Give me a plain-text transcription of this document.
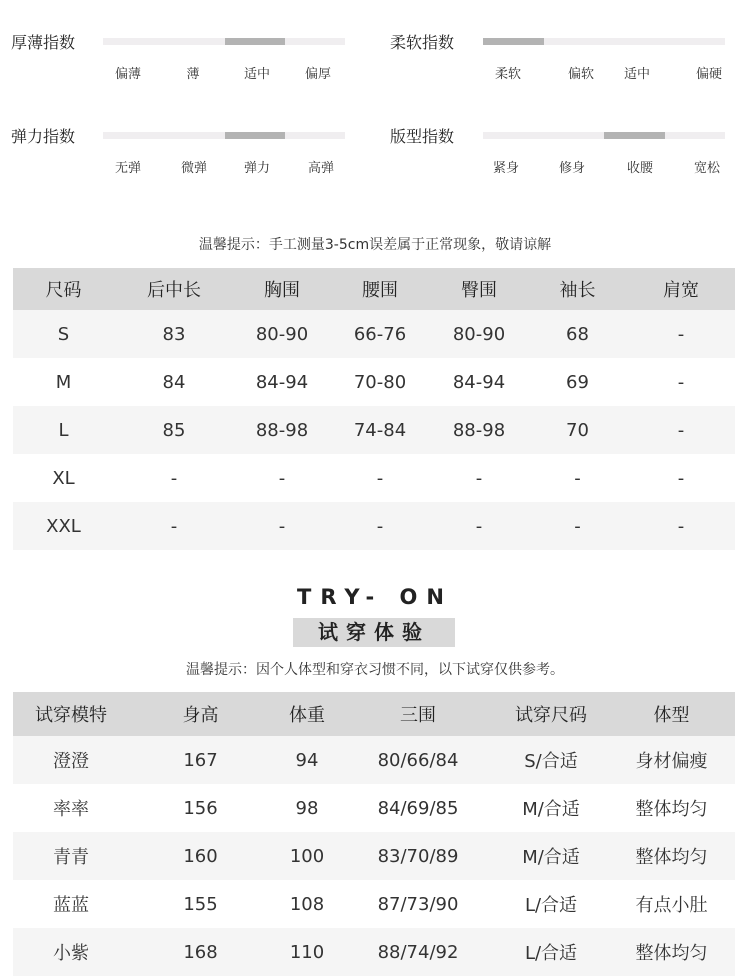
厚薄指数
偏薄	薄	适中	偏厚
柔软指数
柔软	偏软 适中	偏硬
弹力指数
无弹	微弹	弹力	高弹
版型指数
紧身	修身	收腰	宽松
温馨提示：手工测量3-5cm误差属于正常现象，敬请谅解
尺码	后中长	胸围	腰围	臀围	袖长	肩宽
S	83	80-90	66-76	80-90	68	-
M	84	84-94	70-80	84-94	69	-
L	85	88-98	74-84	88-98	70	-
XL	-	-	-	-	-	-
XXL	-	-	-	-	-	-
TRY- ON
试穿体验
温馨提示：因个人体型和穿衣习惯不同，以下试穿仅供参考。
试穿模特	身高	体重	三围	试穿尺码	体型
澄澄	167	94	80/66/84	S/合适	身材偏瘦
率率	156	98	84/69/85	M/合适	整体均匀
青青	160	100	83/70/89	M/合适	整体均匀
蓝蓝	155	108	87/73/90	L/合适	有点小肚
小紫	168	110	88/74/92	L/合适	整体均匀
